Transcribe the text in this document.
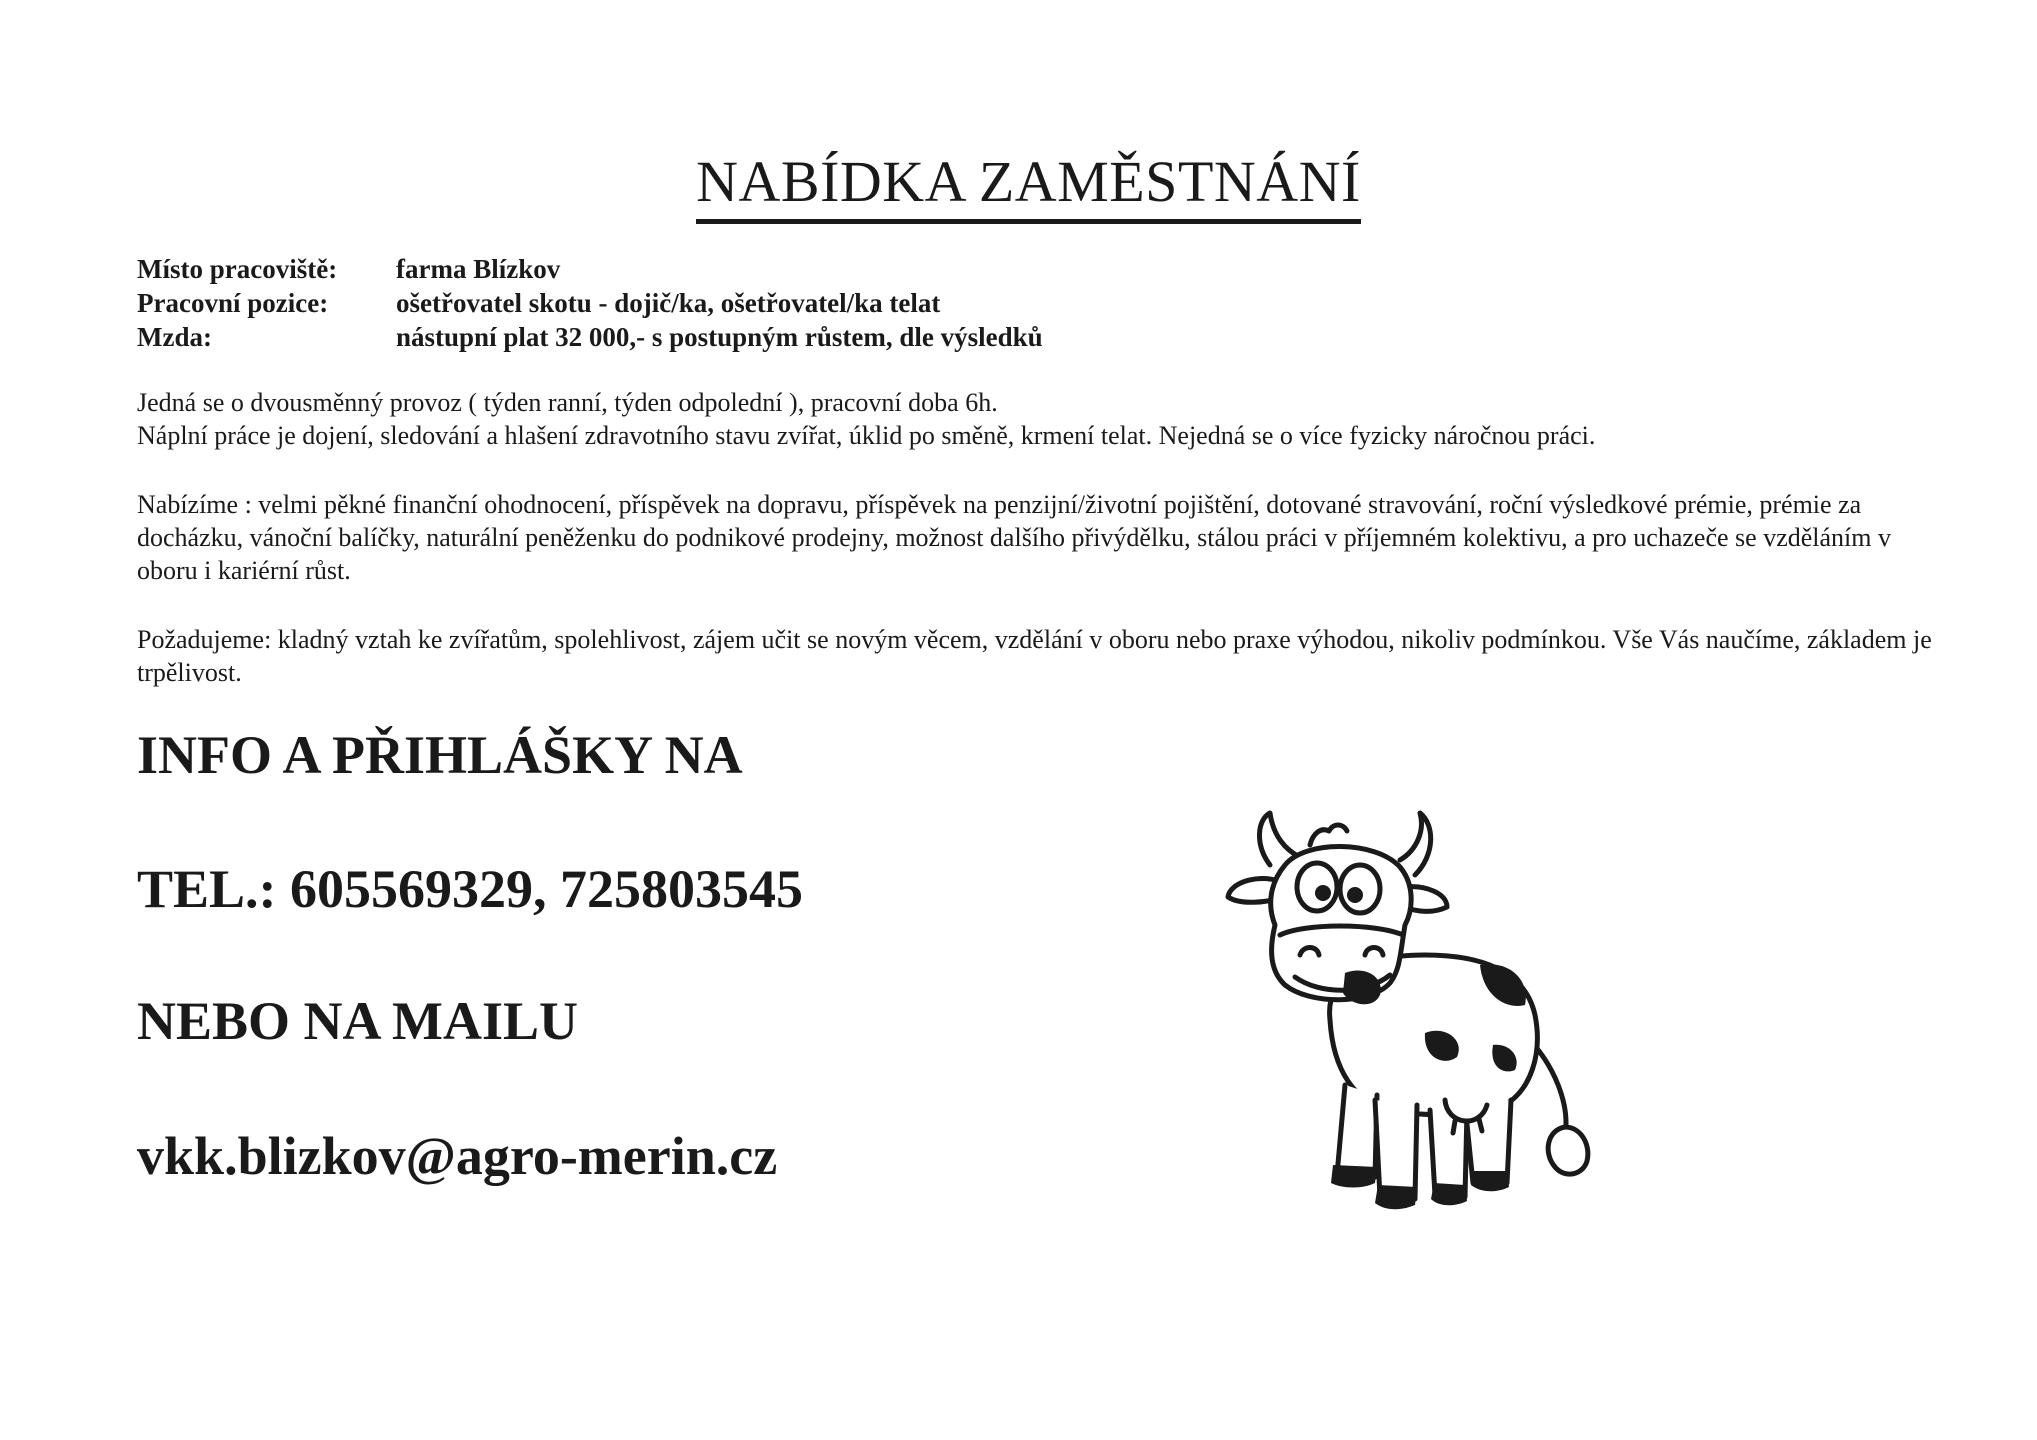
NABÍDKA ZAMĚSTNÁNÍ
Místo pracoviště:	farma Blízkov
Pracovní pozice:	ošetřovatel skotu - dojič/ka, ošetřovatel/ka telat
Mzda:	nástupní plat 32 000,- s postupným růstem, dle výsledků

Jedná se o dvousměnný provoz ( týden ranní, týden odpolední ), pracovní doba 6h.
Náplní práce je dojení, sledování a hlašení zdravotního stavu zvířat, úklid po směně, krmení telat. Nejedná se o více fyzicky náročnou práci.

Nabízíme : velmi pěkné finanční ohodnocení, příspěvek na dopravu, příspěvek na penzijní/životní pojištění, dotované stravování, roční výsledkové prémie, prémie za docházku, vánoční balíčky, naturální peněženku do podnikové prodejny, možnost dalšího přivýdělku, stálou práci v příjemném kolektivu, a pro uchazeče se vzděláním v oboru i kariérní růst.

Požadujeme: kladný vztah ke zvířatům, spolehlivost, zájem učit se novým věcem, vzdělání v oboru nebo praxe výhodou, nikoliv podmínkou. Vše Vás naučíme, základem je trpělivost.

INFO A PŘIHLÁŠKY NA

TEL.: 605569329, 725803545

NEBO NA MAILU

vkk.blizkov@agro-merin.cz
